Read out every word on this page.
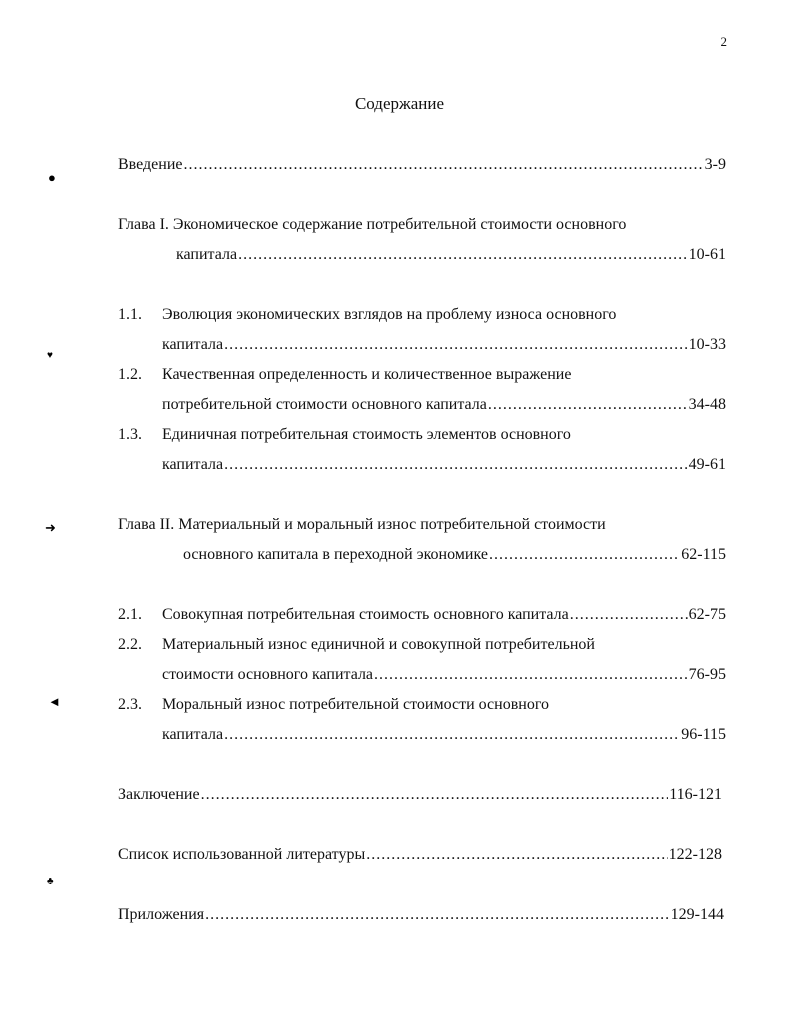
2
Содержание
Введение .....	3-9
Глава I. Экономическое содержание потребительной стоимости основного
капитала .....	10-61
1.1. Эволюция экономических взглядов на проблему износа основного
капитала .....	10-33
1.2. Качественная определенность и количественное выражение
потребительной стоимости основного капитала .....	34-48
1.3. Единичная потребительная стоимость элементов основного
капитала .....	49-61
Глава II. Материальный и моральный износ потребительной стоимости
основного капитала в переходной экономике .....	62-115
2.1.	Совокупная потребительная стоимость основного капитала .....	62-75
2.2. Материальный износ единичной и совокупной потребительной
стоимости основного капитала .....	76-95
2.3. Моральный износ потребительной стоимости основного
капитала .....	96-115
Заключение .....	116-121
Список использованной литературы .....	122-128
Приложения .....	129-144
●
♥
➜
◄
♣
